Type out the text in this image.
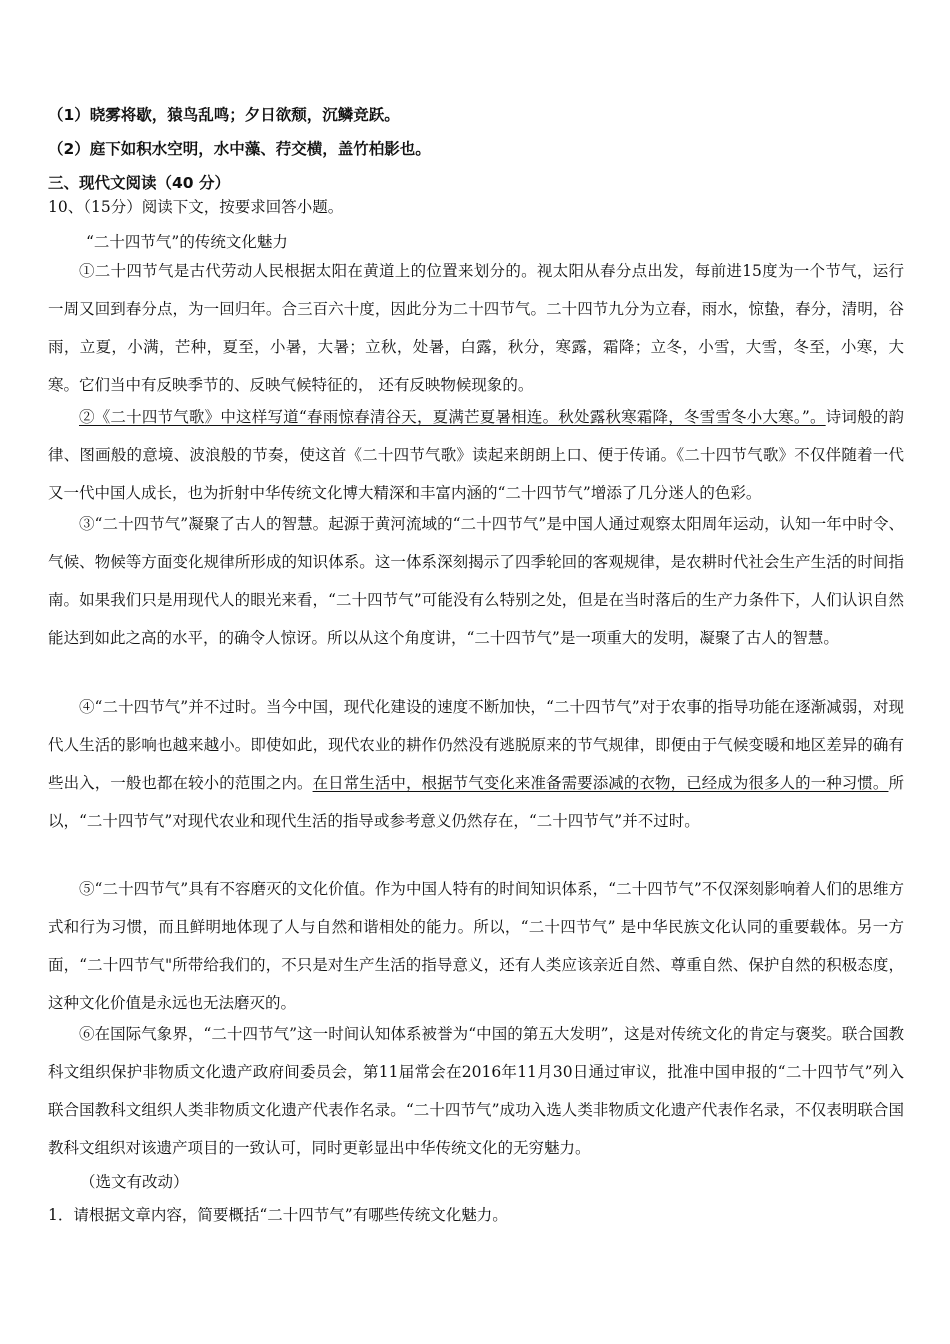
（1）晓雾将歇，猿鸟乱鸣；夕日欲颓，沉鳞竞跃。
（2）庭下如积水空明，水中藻、荇交横，盖竹柏影也。
三、现代文阅读（40 分）
10、（15分）阅读下文，按要求回答小题。
“二十四节气”的传统文化魅力

①二十四节气是古代劳动人民根据太阳在黄道上的位置来划分的。视太阳从春分点出发，每前进15度为一个节气，运行一周又回到春分点，为一回归年。合三百六十度，因此分为二十四节气。二十四节九分为立春，雨水，惊蛰，春分，清明，谷雨，立夏，小满，芒种，夏至，小暑，大暑；立秋，处暑，白露，秋分，寒露，霜降；立冬，小雪，大雪，冬至，小寒，大寒。它们当中有反映季节的、反映气候特征的， 还有反映物候现象的。

②《二十四节气歌》中这样写道“春雨惊春清谷天，夏满芒夏暑相连。秋处露秋寒霜降，冬雪雪冬小大寒。”。诗词般的韵律、图画般的意境、波浪般的节奏，使这首《二十四节气歌》读起来朗朗上口、便于传诵。《二十四节气歌》不仅伴随着一代又一代中国人成长，也为折射中华传统文化博大精深和丰富内涵的“二十四节气”增添了几分迷人的色彩。

③“二十四节气”凝聚了古人的智慧。起源于黄河流域的“二十四节气”是中国人通过观察太阳周年运动，认知一年中时令、气候、物候等方面变化规律所形成的知识体系。这一体系深刻揭示了四季轮回的客观规律，是农耕时代社会生产生活的时间指南。如果我们只是用现代人的眼光来看，“二十四节气”可能没有么特别之处，但是在当时落后的生产力条件下，人们认识自然能达到如此之高的水平，的确令人惊讶。所以从这个角度讲，“二十四节气”是一项重大的发明，凝聚了古人的智慧。

④“二十四节气”并不过时。当今中国，现代化建设的速度不断加快，“二十四节气”对于农事的指导功能在逐渐减弱，对现代人生活的影响也越来越小。即使如此，现代农业的耕作仍然没有逃脱原来的节气规律，即便由于气候变暖和地区差异的确有些出入，一般也都在较小的范围之内。在日常生活中，根据节气变化来准备需要添减的衣物，已经成为很多人的一种习惯。所以，“二十四节气”对现代农业和现代生活的指导或参考意义仍然存在，“二十四节气”并不过时。

⑤“二十四节气”具有不容磨灭的文化价值。作为中国人特有的时间知识体系，“二十四节气”不仅深刻影响着人们的思维方式和行为习惯，而且鲜明地体现了人与自然和谐相处的能力。所以，“二十四节气” 是中华民族文化认同的重要载体。另一方面，“二十四节气"所带给我们的，不只是对生产生活的指导意义，还有人类应该亲近自然、尊重自然、保护自然的积极态度，这种文化价值是永远也无法磨灭的。

⑥在国际气象界，“二十四节气”这一时间认知体系被誉为“中国的第五大发明”，这是对传统文化的肯定与褒奖。联合国教科文组织保护非物质文化遗产政府间委员会，第11届常会在2016年11月30日通过审议，批准中国申报的“二十四节气”列入联合国教科文组织人类非物质文化遗产代表作名录。“二十四节气”成功入选人类非物质文化遗产代表作名录，不仅表明联合国教科文组织对该遗产项目的一致认可，同时更彰显出中华传统文化的无穷魅力。

（选文有改动）
1．请根据文章内容，简要概括“二十四节气”有哪些传统文化魅力。
